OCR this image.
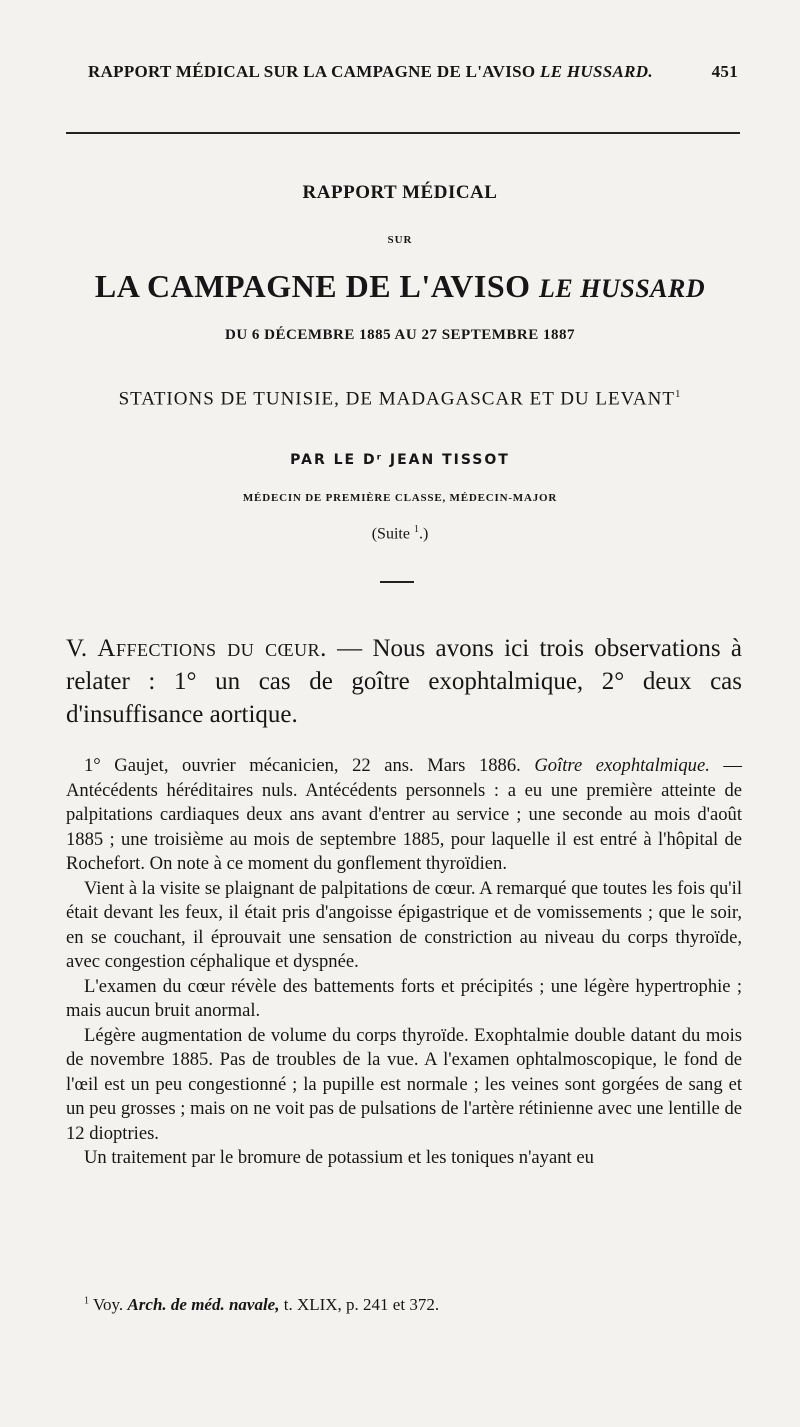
RAPPORT MÉDICAL SUR LA CAMPAGNE DE L'AVISO LE HUSSARD.	451
RAPPORT MÉDICAL
SUR
LA CAMPAGNE DE L'AVISO LE HUSSARD
DU 6 DÉCEMBRE 1885 AU 27 SEPTEMBRE 1887
STATIONS DE TUNISIE, DE MADAGASCAR ET DU LEVANT$^1$
PAR LE Dʳ JEAN TISSOT
MÉDECIN DE PREMIÈRE CLASSE, MÉDECIN-MAJOR
(Suite $^1$.)
V. Affections du cœur. — Nous avons ici trois observations à relater : 1° un cas de goître exophtalmique, 2° deux cas d'insuffisance aortique.

1° Gaujet, ouvrier mécanicien, 22 ans. Mars 1886. Goître exophtalmique. — Antécédents héréditaires nuls. Antécédents personnels : a eu une première atteinte de palpitations cardiaques deux ans avant d'entrer au service ; une seconde au mois d'août 1885 ; une troisième au mois de septembre 1885, pour laquelle il est entré à l'hôpital de Rochefort. On note à ce moment du gonflement thyroïdien.

Vient à la visite se plaignant de palpitations de cœur. A remarqué que toutes les fois qu'il était devant les feux, il était pris d'angoisse épigastrique et de vomissements ; que le soir, en se couchant, il éprouvait une sensation de constriction au niveau du corps thyroïde, avec congestion céphalique et dyspnée.

L'examen du cœur révèle des battements forts et précipités ; une légère hypertrophie ; mais aucun bruit anormal.

Légère augmentation de volume du corps thyroïde. Exophtalmie double datant du mois de novembre 1885. Pas de troubles de la vue. A l'examen ophtalmoscopique, le fond de l'œil est un peu congestionné ; la pupille est normale ; les veines sont gorgées de sang et un peu grosses ; mais on ne voit pas de pulsations de l'artère rétinienne avec une lentille de 12 dioptries.

Un traitement par le bromure de potassium et les toniques n'ayant eu

$^1$ Voy. Arch. de méd. navale, t. XLIX, p. 241 et 372.
